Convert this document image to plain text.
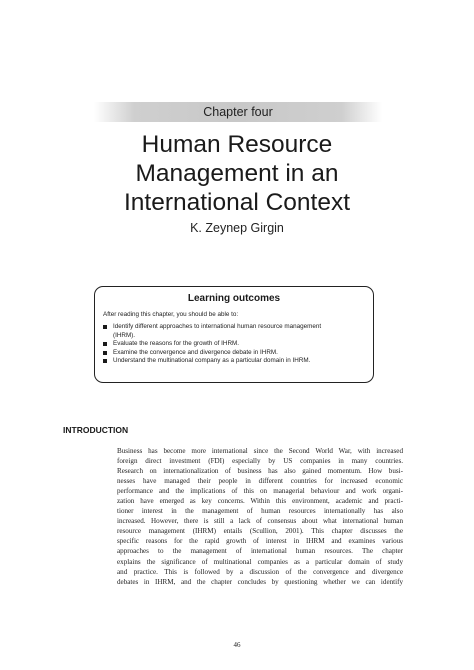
Chapter four
Human Resource
Management in an
International Context
K. Zeynep Girgin
Learning outcomes
After reading this chapter, you should be able to:
Identify different approaches to international human resource management
(IHRM).
Evaluate the reasons for the growth of IHRM.
Examine the convergence and divergence debate in IHRM.
Understand the multinational company as a particular domain in IHRM.
INTRODUCTION
Business has become more international since the Second World War, with increased
foreign direct investment (FDI) especially by US companies in many countries.
Research on internationalization of business has also gained momentum. How busi-
nesses have managed their people in different countries for increased economic
performance and the implications of this on managerial behaviour and work organi-
zation have emerged as key concerns. Within this environment, academic and practi-
tioner interest in the management of human resources internationally has also
increased. However, there is still a lack of consensus about what international human
resource management (IHRM) entails (Scullion, 2001). This chapter discusses the
specific reasons for the rapid growth of interest in IHRM and examines various
approaches to the management of international human resources. The chapter
explains the significance of multinational companies as a particular domain of study
and practice. This is followed by a discussion of the convergence and divergence
debates in IHRM, and the chapter concludes by questioning whether we can identify
46
